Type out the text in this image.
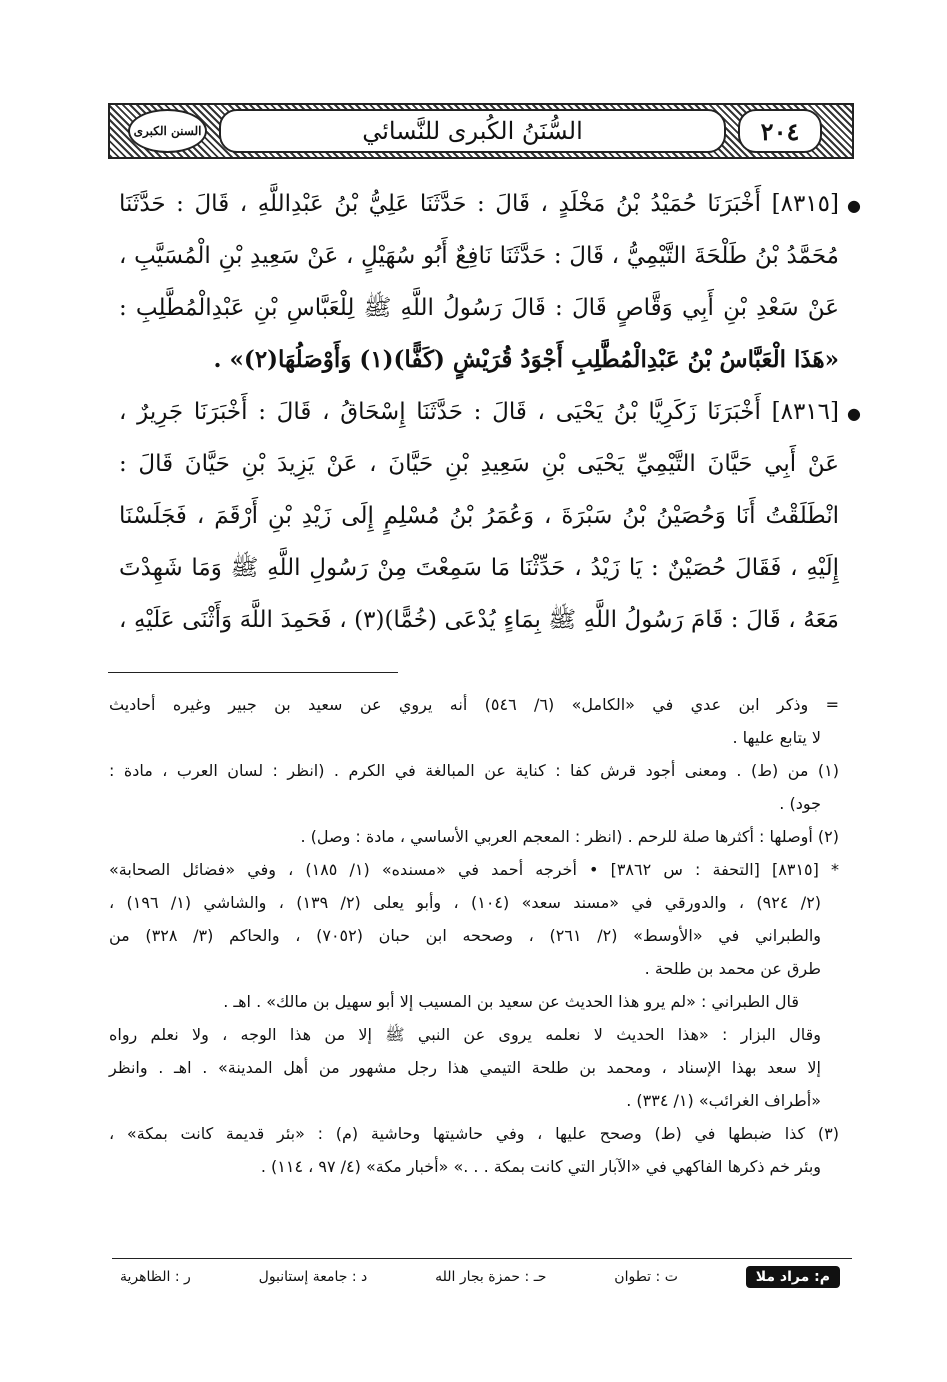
٢٠٤
السُّنَنُ الكُبرى للنَّسائي
السنن الكبرى
●
[٨٣١٥] أَخْبَرَنَا حُمَيْدُ بْنُ مَخْلَدٍ ، قَالَ : حَدَّثَنَا عَلِيُّ بْنُ عَبْدِاللَّهِ ، قَالَ : حَدَّثَنَا
مُحَمَّدُ بْنُ طَلْحَةَ التَّيْمِيُّ ، قَالَ : حَدَّثَنَا نَافِعٌ أَبُو سُهَيْلٍ ، عَنْ سَعِيدِ بْنِ الْمُسَيَّبِ ،
عَنْ سَعْدِ بْنِ أَبِي وَقَّاصٍ قَالَ : قَالَ رَسُولُ اللَّهِ ﷺ لِلْعَبَّاسِ بْنِ عَبْدِالْمُطَّلِبِ :
«هَذَا الْعَبَّاسُ بْنُ عَبْدِالْمُطَّلِبِ أَجْوَدُ قُرَيْشٍ (كَفًّا)(١) وَأَوْصَلُهَا(٢)» .
●
[٨٣١٦] أَخْبَرَنَا زَكَرِيَّا بْنُ يَحْيَى ، قَالَ : حَدَّثَنَا إِسْحَاقُ ، قَالَ : أَخْبَرَنَا جَرِيرٌ ،
عَنْ أَبِي حَيَّانَ التَّيْمِيِّ يَحْيَى بْنِ سَعِيدِ بْنِ حَيَّانَ ، عَنْ يَزِيدَ بْنِ حَيَّانَ قَالَ :
انْطَلَقْتُ أَنَا وَحُصَيْنُ بْنُ سَبْرَةَ ، وَعُمَرُ بْنُ مُسْلِمٍ إِلَى زَيْدِ بْنِ أَرْقَمَ ، فَجَلَسْنَا
إِلَيْهِ ، فَقَالَ حُصَيْنٌ : يَا زَيْدُ ، حَدِّثْنَا مَا سَمِعْتَ مِنْ رَسُولِ اللَّهِ ﷺ وَمَا شَهِدْتَ
مَعَهُ ، قَالَ : قَامَ رَسُولُ اللَّهِ ﷺ بِمَاءٍ يُدْعَى (خُمًّا)(٣) ، فَحَمِدَ اللَّهَ وَأَثْنَى عَلَيْهِ ،
= وذكر ابن عدي في «الكامل» (٦/ ٥٤٦) أنه يروي عن سعيد بن جبير وغيره أحاديث
لا يتابع عليها .
(١) من (ط) . ومعنى أجود قرش كفا : كناية عن المبالغة في الكرم . (انظر : لسان العرب ، مادة :
جود) .
(٢) أوصلها : أكثرها صلة للرحم . (انظر : المعجم العربي الأساسي ، مادة : وصل) .
* [٨٣١٥] [التحفة : س ٣٨٦٢] • أخرجه أحمد في «مسنده» (١/ ١٨٥) ، وفي «فضائل الصحابة»
(٢/ ٩٢٤) ، والدورقي في «مسند سعد» (١٠٤) ، وأبو يعلى (٢/ ١٣٩) ، والشاشي (١/ ١٩٦) ،
والطبراني في «الأوسط» (٢/ ٢٦١) ، وصححه ابن حبان (٧٠٥٢) ، والحاكم (٣/ ٣٢٨) من
طرق عن محمد بن طلحة .
قال الطبراني : «لم يرو هذا الحديث عن سعيد بن المسيب إلا أبو سهيل بن مالك» . اهـ .
وقال البزار : «هذا الحديث لا نعلمه يروى عن النبي ﷺ إلا من هذا الوجه ، ولا نعلم رواه
إلا سعد بهذا الإسناد ، ومحمد بن طلحة التيمي هذا رجل مشهور من أهل المدينة» . اهـ . وانظر
«أطراف الغرائب» (١/ ٣٣٤) .
(٣) كذا ضبطها في (ط) وصحح عليها ، وفي حاشيتها وحاشية (م) : «بئر قديمة كانت بمكة» ،
وبئر خم ذكرها الفاكهي في «الآبار التي كانت بمكة . . .» «أخبار مكة» (٤/ ٩٧ ، ١١٤) .
م: مراد ملا
ت : تطوان
حـ : حمزة بجار الله
د : جامعة إستانبول
ر : الظاهرية
